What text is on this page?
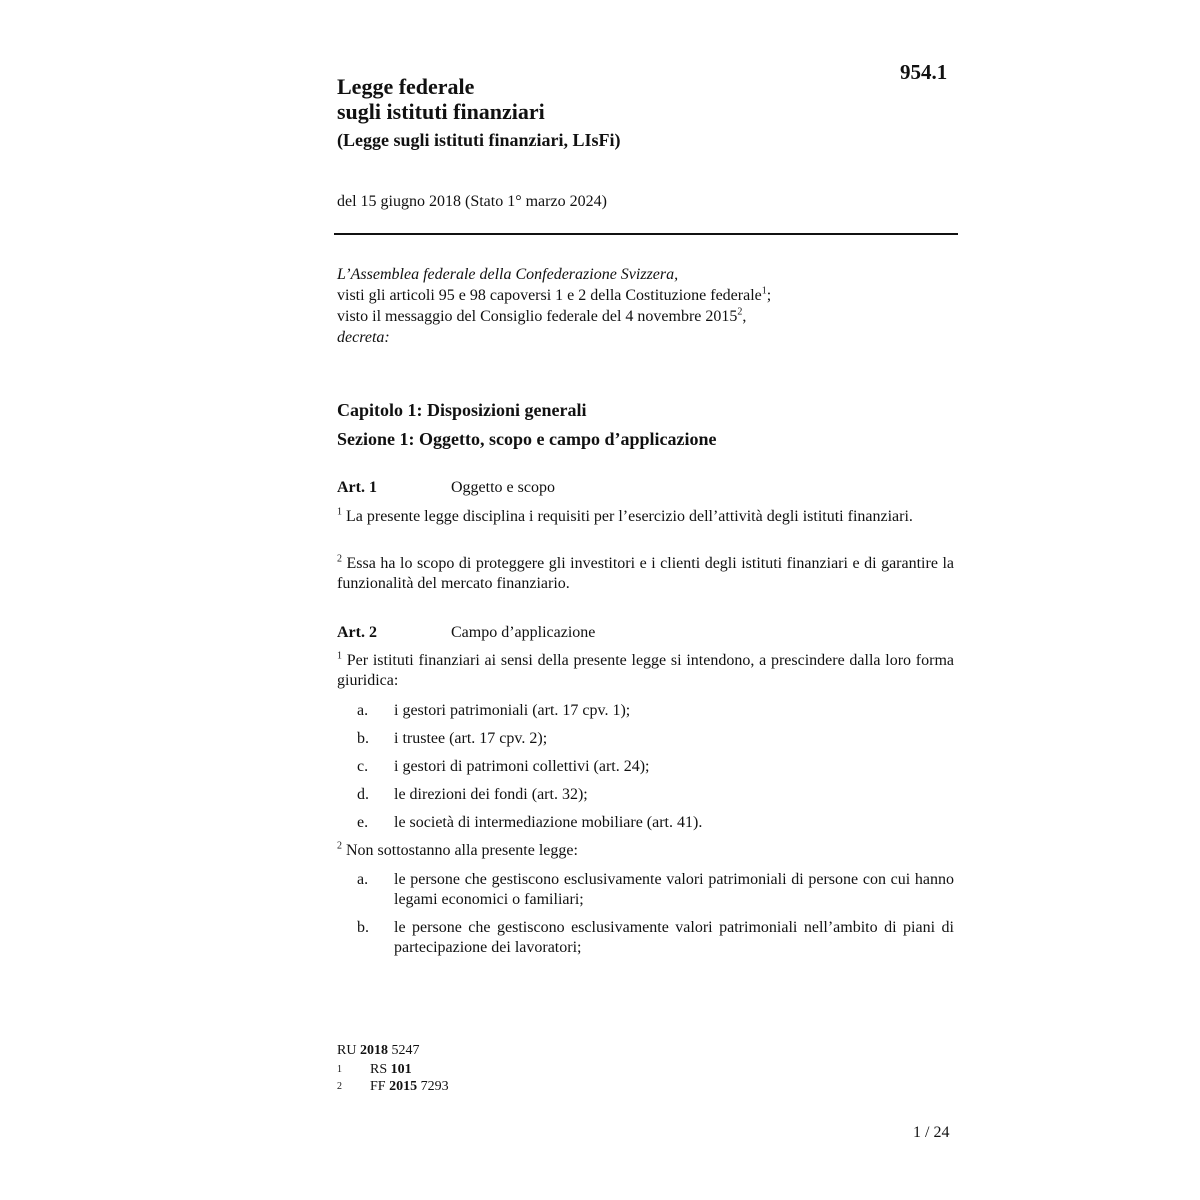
954.1
Legge federale
sugli istituti finanziari
(Legge sugli istituti finanziari, LIsFi)
del 15 giugno 2018 (Stato 1° marzo 2024)
L’Assemblea federale della Confederazione Svizzera,
visti gli articoli 95 e 98 capoversi 1 e 2 della Costituzione federale$^1$;
visto il messaggio del Consiglio federale del 4 novembre 2015$^2$,
decreta:
Capitolo 1: Disposizioni generali
Sezione 1: Oggetto, scopo e campo d’applicazione
Art. 1	Oggetto e scopo
$^1$ La presente legge disciplina i requisiti per l’esercizio dell’attività degli istituti finanziari.
$^2$ Essa ha lo scopo di proteggere gli investitori e i clienti degli istituti finanziari e di garantire la funzionalità del mercato finanziario.
Art. 2	Campo d’applicazione
$^1$ Per istituti finanziari ai sensi della presente legge si intendono, a prescindere dalla loro forma giuridica:
a. i gestori patrimoniali (art. 17 cpv. 1);
b. i trustee (art. 17 cpv. 2);
c. i gestori di patrimoni collettivi (art. 24);
d. le direzioni dei fondi (art. 32);
e. le società di intermediazione mobiliare (art. 41).
$^2$ Non sottostanno alla presente legge:
a. le persone che gestiscono esclusivamente valori patrimoniali di persone con cui hanno legami economici o familiari;
b. le persone che gestiscono esclusivamente valori patrimoniali nell’ambito di piani di partecipazione dei lavoratori;
RU 2018 5247
1 RS 101
2 FF 2015 7293
1 / 24
